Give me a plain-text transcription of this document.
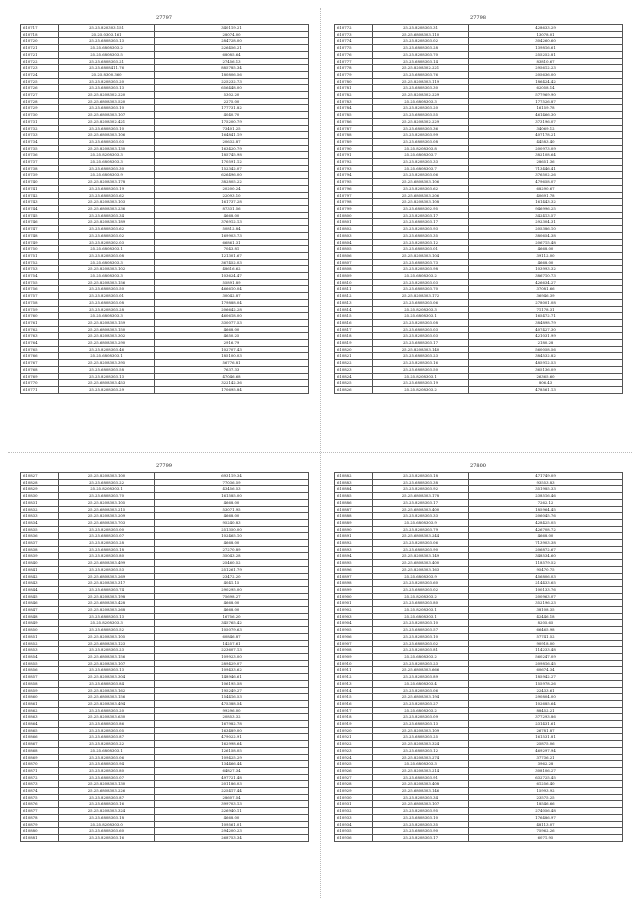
27797
610717	25.25.820303.151	340119.21
610718	25.25.0303.161	28074.00
610720	25.25.6808303.13	284728.00
610721	25.25.6808303.2	226456.21
610721	25.25.6808303.5	68085.64
610722	25.25.6808303.21	27456.13
610723	25.25.6808411.76	885785.34
610724	25.25.8300.360	180806.56
610725	25.25.8208303.20	225232.73
610726	25.25.6808303.13	656448.00
610727	25.25.8208302.220	5302.20
610728	25.25.6808303.520	2275.00
610729	25.25.6808303.10	177731.82
610730	25.25.6808303.107	4040.70
610731	25.25.8208302.421	175200.79
610732	25.25.6808303.10	73401.25
610733	25.25.6808303.106	164841.19
610734	25.25.6808303.03	20632.87
610735	25.25.8208303.130	163420.79
610736	25.25.8208303.3	185745.98
610737	25.25.6808303.3	170591.12
610738	25.25.6808303.30	152342.07
610739	25.25.6808303.9	626496.00
610740	25.25.8208303.178	382805.22
610741	25.25.6808303.19	20200.24
610742	25.25.6808303.62	22093.10
610743	25.25.8208303.103	161737.28
610744	25.25.6808303.236	87331.56
610745	25.25.6808303.34	4668.00
610746	25.25.8208303.189	376912.13
610747	25.25.6808303.62	50812.84
610748	25.25.6808303.02	169903.73
610749	25.25.8208302.03	66861.31
610750	25.25.6808303.1	7043.81
610751	25.25.8208303.08	121301.67
610752	25.25.6808303.3	367452.03
610753	25.25.8208303.102	48616.62
610754	25.25.6808303.3	103624.47
610755	25.25.8208303.156	55891.89
610756	25.25.6808303.50	466610.04
610757	25.25.8208303.01	30042.87
610758	25.25.6808303.08	179888.04
610759	25.25.8208303.28	206642.28
610760	25.25.6808303.3	460618.00
610761	25.25.8208303.159	330077.53
610762	25.25.6808303.150	4668.00
610763	25.25.8208303.302	4650.25
610764	25.25.6808303.290	2916.79
610765	25.25.8208303.46	102707.43
610766	25.25.6808303.1	185100.03
610767	25.25.8208303.395	56776.81
610768	25.25.6808303.58	7637.33
610769	25.25.8208303.13	47046.68
610770	25.25.6808303.453	322142.36
610771	25.25.8208303.29	170695.84
27798
610772	25.25.8208303.31	428633.29
610773	25.25.6808303.110	13078.01
610774	25.25.8208303.02	304260.60
610775	25.25.6808303.28	139816.61
610776	25.25.8208303.70	255252.81
610777	25.25.6808303.14	83810.67
610778	25.25.8208302.221	295612.23
610779	25.25.6808303.76	205636.00
610780	25.25.8208303.119	186424.42
610781	25.25.6808303.30	62058.14
610782	25.25.8208302.229	577969.90
610783	25.25.6808303.3	177526.87
610784	25.25.8208303.20	16159.78
610785	25.25.6808303.55	461466.30
610786	25.25.8208302.229	373196.07
610787	25.25.6808303.36	34069.12
610788	25.25.8208303.99	407178.21
610789	25.25.6808303.08	44583.40
610790	25.25.8208303.8	200973.09
610791	25.25.6808303.7	382108.64
610792	25.25.8208303.33	28651.36
610793	25.25.6808303.7	713446.41
610794	25.25.8208303.06	376502.26
610795	25.25.6808303.106	479658.07
610796	25.25.8208303.62	68290.67
610797	25.25.6808303.206	40691.78
610798	25.25.8208303.108	161443.32
610799	25.25.6808302.95	946996.25
610800	25.25.8208303.17	342413.57
610801	25.25.6808303.17	292304.31
610802	25.25.8208303.93	205386.10
610803	25.25.6808303.35	380654.38
610804	25.25.8208303.12	206715.48
610805	25.25.6808303.01	4668.00
610806	25.25.8208303.104	39112.00
610807	25.25.6808303.73	4668.00
610808	25.25.8208303.98	103993.32
610809	25.25.6808303.2	386710.73
610810	25.25.8208303.03	426634.27
610811	25.25.6808303.70	37081.66
610812	25.25.8208303.172	36946.39
610813	25.25.6808303.06	278001.08
610814	25.25.8208303.3	71178.31
610815	25.25.6808303.1	165472.71
610816	25.25.8208303.08	384898.79
610817	25.25.6808303.03	407427.30
610818	25.25.8208303.03	421031.99
610819	25.25.6808303.17	2180.28
610820	25.25.8208303.140	560058.56
610821	25.25.6808303.23	384532.82
610822	25.25.8208303.16	485912.53
610823	25.25.6808303.50	365136.09
610824	25.25.8208303.1	26365.60
610825	25.25.6808303.19	806.43
610826	25.25.8208303.2	478561.13
27799
610827	25.25.8208303.100	693119.34
610828	25.25.6808303.22	77036.59
610829	25.25.8208303.1	43456.53
610830	25.25.6808303.70	161585.00
610831	25.25.8208303.105	4668.00
610832	25.25.6808303.215	53071.95
610833	25.25.8208303.209	4668.00
610834	25.25.6808303.703	95240.83
610835	25.25.8208303.00	251350.00
610836	25.25.6808303.07	102465.10
610837	25.25.8208303.28	4668.00
610838	25.25.6808303.18	27270.89
610839	25.25.8208303.80	35043.28
610840	25.25.6808303.499	25460.52
610841	25.25.8208303.53	251261.79
610842	25.25.6808303.269	23472.20
610843	25.25.8208303.317	4041.15
610844	25.25.6808303.74	290295.00
610845	25.25.8208303.198	75698.27
610846	25.25.6808303.428	4668.00
610847	25.25.8208303.268	4668.00
610848	25.25.6808303.13	16756.20
610849	25.25.8208303.3	345765.42
610850	25.25.6808303.52	105079.63
610851	25.25.8208303.105	60846.87
610852	25.25.6808303.123	14257.61
610853	25.25.8208303.23	223607.13
610854	25.25.6808303.156	109923.00
610855	25.25.8208303.107	289429.07
610856	25.25.6808303.13	109433.62
610857	25.25.8208303.304	148946.61
610858	25.25.6808303.84	106195.58
610859	25.25.8208303.162	195249.27
610860	25.25.6808303.156	154416.53
610861	25.25.8208303.494	475388.54
610862	25.25.6808303.20	99296.00
610863	25.25.8208303.630	20853.32
610864	25.25.6808303.86	167982.78
610865	25.25.8208303.05	163489.00
610866	25.25.6808303.87	479022.91
610867	25.25.8208303.22	162998.64
610868	25.25.6808303.1	126158.05
610869	25.25.8208303.06	109425.29
610870	25.25.6808303.94	134466.44
610871	25.25.8208303.80	64827.34
610872	25.25.6808303.07	497721.48
610873	25.25.8208303.130	201186.03
610874	25.25.6808303.226	225417.44
610875	25.25.8208303.87	28607.54
610876	25.25.6808303.16	399703.13
610877	25.25.8208303.324	226940.11
610878	25.25.6808303.18	4668.00
610879	25.25.8208303.0	109561.01
610880	25.25.6808303.60	294200.23
610881	25.25.8208303.16	268753.34
27800
610882	25.25.8208303.18	471749.09
610883	25.25.6808303.38	93553.83
610884	25.25.8208303.92	351985.33
610885	25.25.6808303.178	238516.46
610886	25.25.8208303.17	7262.12
610887	25.25.6808303.400	185964.45
610888	25.25.8208303.33	206045.76
610889	25.25.6808303.9	428425.05
610890	25.25.8208303.79	426708.72
610891	25.25.6808303.244	4668.00
610892	25.25.8208303.06	713903.38
610893	25.25.6808303.90	206872.67
610894	25.25.8208303.149	348534.60
610895	25.25.6808303.400	118579.52
610896	25.25.8208303.163	95470.75
610897	25.25.6808303.9	456806.03
610898	25.25.8208303.60	214433.65
610899	25.25.6808303.02	100133.76
610900	25.25.8208303.2	200963.07
610901	25.25.6808303.80	352196.23
610902	25.25.8208303.1	38108.35
610903	25.25.6808303.1	42446.18
610904	25.25.8208303.10	8205.65
610905	25.25.6808303.57	66465.98
610906	25.25.8208303.10	57741.52
610907	25.25.6808303.02	90918.00
610908	25.25.8208303.81	114233.48
610909	25.25.6808303.2	560247.09
610910	25.25.8208303.23	209816.45
610911	25.25.6808303.666	60674.34
610912	25.25.8208303.89	185942.27
610913	25.25.6808303.4	155978.26
610914	25.25.8208303.06	22433.61
610915	25.25.6808303.194	290804.00
610916	25.25.8208303.27	102685.64
610917	25.25.6808303.2	88452.21
610918	25.25.8208303.09	377293.86
610919	25.25.6808303.13	231431.61
610920	25.25.8208303.109	26781.87
610921	25.25.6808303.25	161531.81
610922	25.25.8208303.324	25875.06
610923	25.25.6808303.12	469297.94
610924	25.25.8208303.274	37736.21
610925	25.25.6808303.3	3962.28
610926	25.25.8208303.214	308106.27
610927	25.25.6808303.91	632725.45
610928	25.25.8208303.408	61256.40
610929	25.25.6808303.146	15993.92
610930	25.25.8208303.34	23575.25
610931	25.25.6808303.107	18546.66
610932	25.25.8208303.95	274056.48
610933	25.25.6808303.10	176486.97
610934	25.25.8208303.35	48113.07
610935	25.25.6808303.90	75962.26
610936	25.25.8208303.17	6071.95
